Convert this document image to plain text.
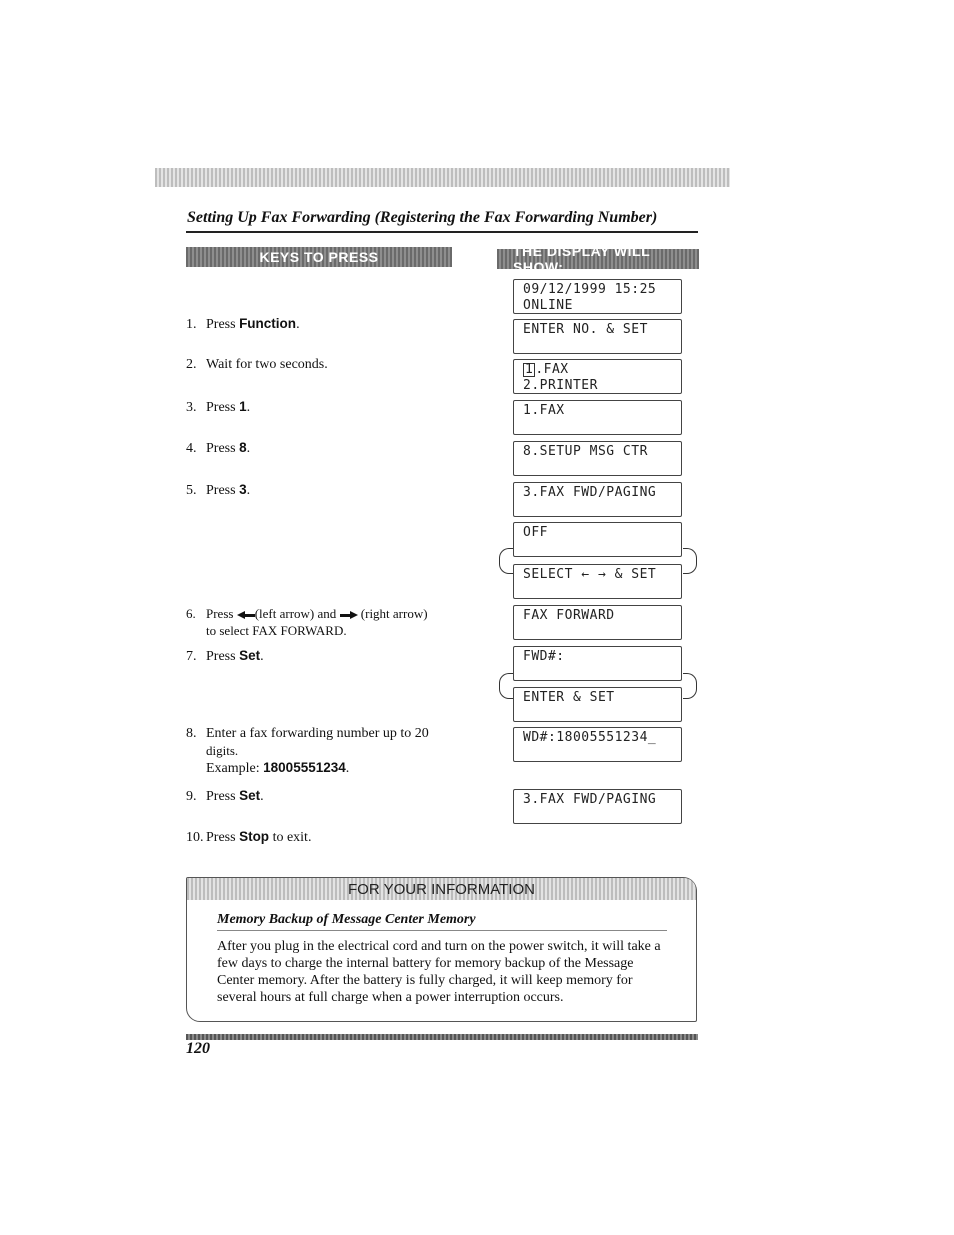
Setting Up Fax Forwarding (Registering the Fax Forwarding Number)
KEYS TO PRESS	THE DISPLAY WILL SHOW:
1. Press Function.
2. Wait for two seconds.
3. Press 1.
4. Press 8.
5. Press 3.
6. Press (left arrow) and  (right arrow)
to select FAX FORWARD.
7. Press Set.
8. Enter a fax forwarding number up to 20
digits.
Example: 18005551234.
9. Press Set.
10. Press Stop to exit.
09/12/1999 15:25
ONLINE
ENTER NO. & SET
1 .FAX
2.PRINTER
1.FAX
8.SETUP MSG CTR
3.FAX FWD/PAGING
OFF
SELECT ← → & SET
FAX FORWARD
FWD#:
ENTER & SET
WD#:18005551234_
3.FAX FWD/PAGING
FOR YOUR INFORMATION
Memory Backup of Message Center Memory
After you plug in the electrical cord and turn on the power switch, it will take a few days to charge the internal battery for memory backup of the Message Center memory. After the battery is fully charged, it will keep memory for several hours at full charge when a power interruption occurs.
120
